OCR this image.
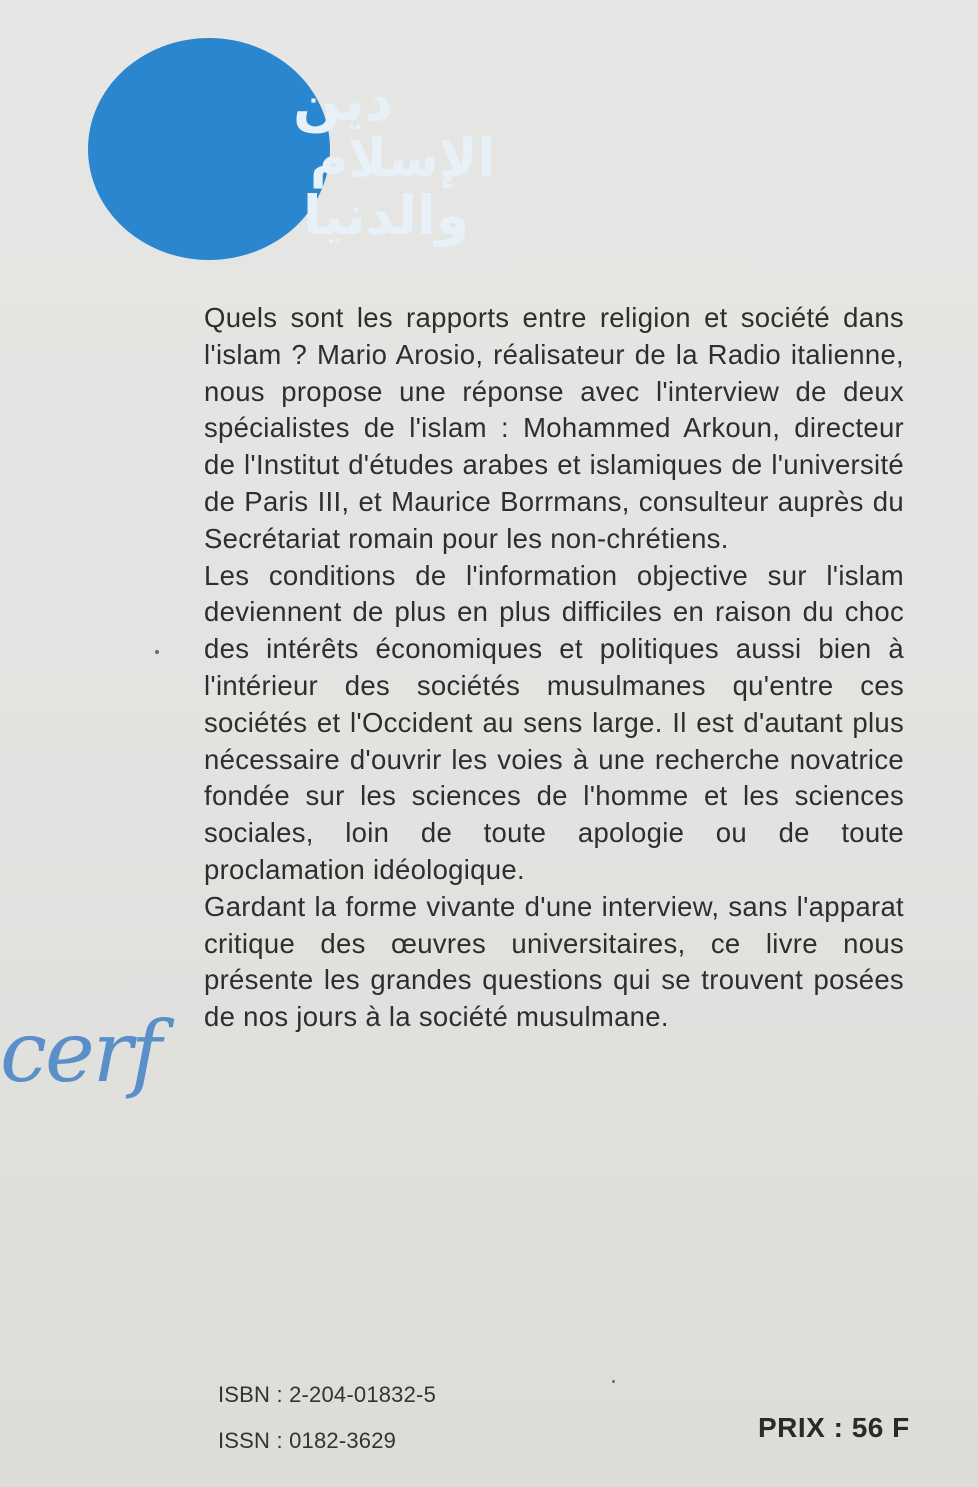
دين
الإسلام
والدنيا

Quels sont les rapports entre religion et société dans l'islam ? Mario Arosio, réalisateur de la Radio italienne, nous propose une réponse avec l'interview de deux spécialistes de l'islam : Mohammed Arkoun, directeur de l'Institut d'études arabes et islamiques de l'université de Paris III, et Maurice Borrmans, consulteur auprès du Secrétariat romain pour les non-chrétiens.

Les conditions de l'information objective sur l'islam deviennent de plus en plus difficiles en raison du choc des intérêts économiques et politiques aussi bien à l'intérieur des sociétés musulmanes qu'entre ces sociétés et l'Occident au sens large. Il est d'autant plus nécessaire d'ouvrir les voies à une recherche novatrice fondée sur les sciences de l'homme et les sciences sociales, loin de toute apologie ou de toute proclamation idéologique.

Gardant la forme vivante d'une interview, sans l'apparat critique des œuvres universitaires, ce livre nous présente les grandes questions qui se trouvent posées de nos jours à la société musulmane.

cerf
ISBN : 2-204-01832-5
ISSN : 0182-3629	PRIX : 56 F
